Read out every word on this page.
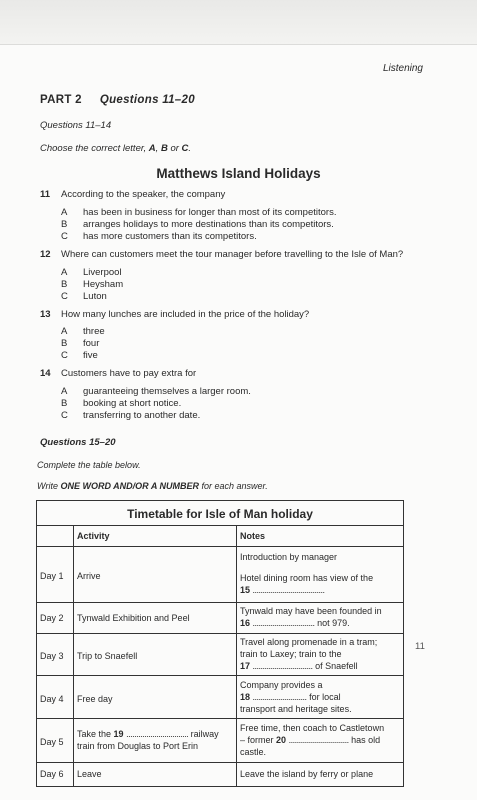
Listening
PART 2 Questions 11–20
Questions 11–14
Choose the correct letter, A, B or C.
Matthews Island Holidays
11 According to the speaker, the company
A has been in business for longer than most of its competitors.
B arranges holidays to more destinations than its competitors.
C has more customers than its competitors.
12 Where can customers meet the tour manager before travelling to the Isle of Man?
A Liverpool
B Heysham
C Luton
13 How many lunches are included in the price of the holiday?
A three
B four
C five
14 Customers have to pay extra for
A guaranteeing themselves a larger room.
B booking at short notice.
C transferring to another date.
Questions 15–20
Complete the table below.
Write ONE WORD AND/OR A NUMBER for each answer.
Timetable for Isle of Man holiday
Activity	Notes
Day 1 Arrive
Introduction by manager
Hotel dining room has view of the
15 ....................................
Day 2 Tynwald Exhibition and Peel
Tynwald may have been founded in
16 ............................... not 979.
Day 3 Trip to Snaefell
Travel along promenade in a tram;
train to Laxey; train to the
17 .............................. of Snaefell
Day 4 Free day
Company provides a
18 ........................... for local
transport and heritage sites.
Day 5
Take the 19 ............................... railway
train from Douglas to Port Erin
Free time, then coach to Castletown
– former 20 .............................. has old
castle.
Day 6 Leave	Leave the island by ferry or plane
11
